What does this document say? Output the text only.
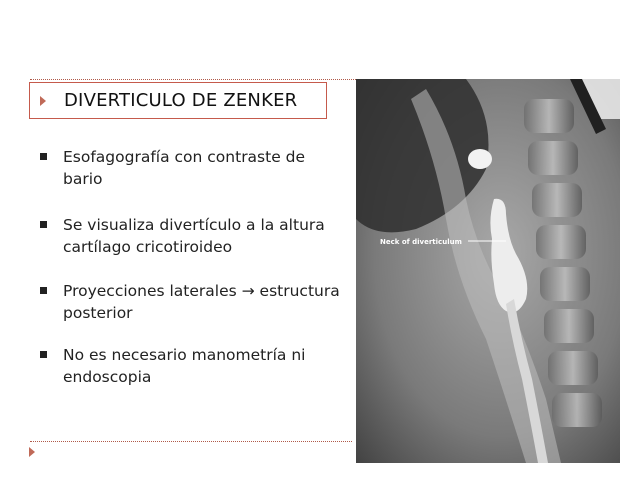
DIVERTICULO DE ZENKER
Esofagografía con contraste de bario
Se visualiza divertículo a la altura cartílago cricotiroideo
Proyecciones laterales → estructura posterior
No es necesario manometría ni endoscopia
Neck of diverticulum
